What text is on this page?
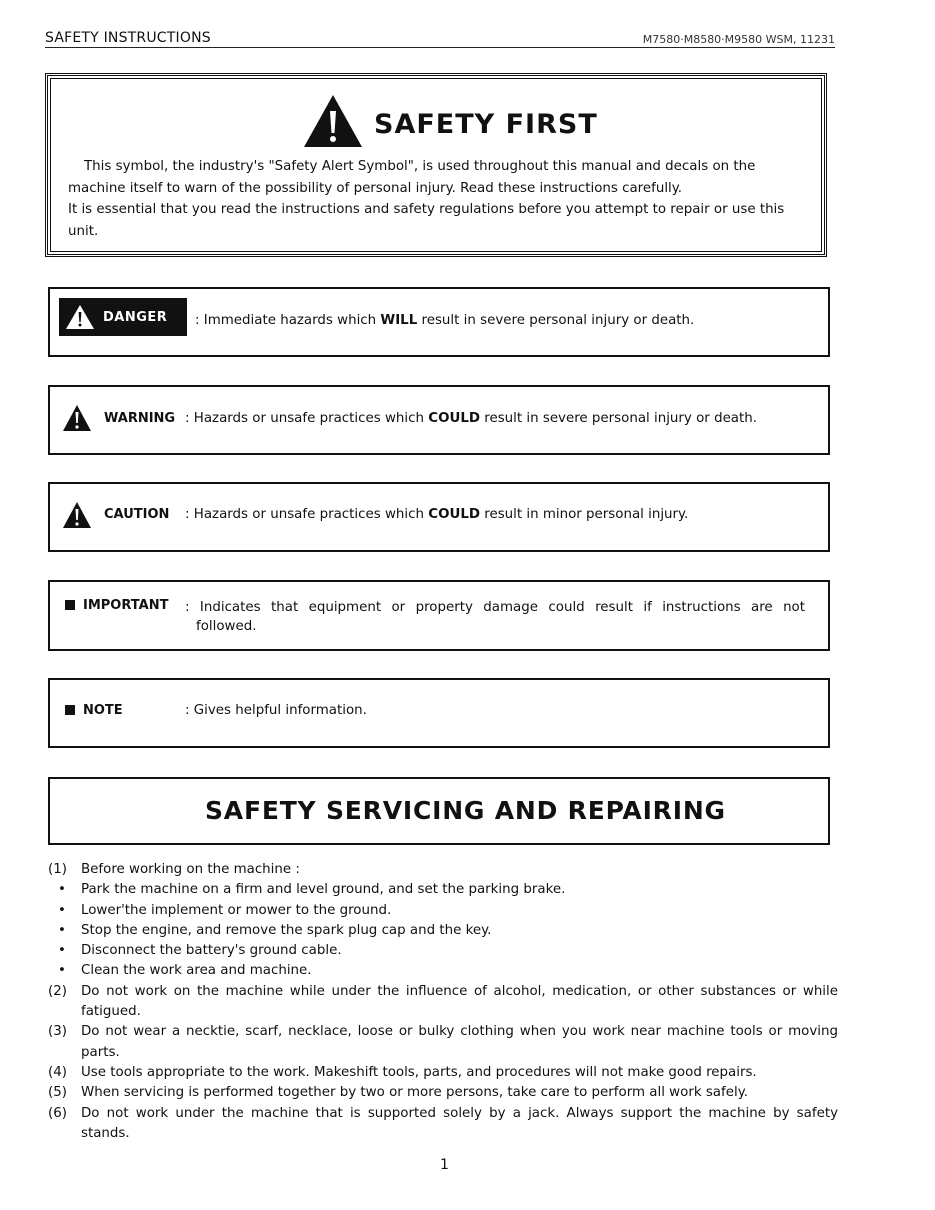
SAFETY INSTRUCTIONS	M7580·M8580·M9580 WSM, 11231
SAFETY FIRST
This symbol, the industry's "Safety Alert Symbol", is used throughout this manual and decals on the machine itself to warn of the possibility of personal injury. Read these instructions carefully.
It is essential that you read the instructions and safety regulations before you attempt to repair or use this unit.
DANGER : Immediate hazards which WILL result in severe personal injury or death.
WARNING : Hazards or unsafe practices which COULD result in severe personal injury or death.
CAUTION : Hazards or unsafe practices which COULD result in minor personal injury.
IMPORTANT : Indicates that equipment or property damage could result if instructions are not
followed.
NOTE	: Gives helpful information.
SAFETY SERVICING AND REPAIRING
(1) Before working on the machine :
• Park the machine on a firm and level ground, and set the parking brake.
• Lower'the implement or mower to the ground.
• Stop the engine, and remove the spark plug cap and the key.
• Disconnect the battery's ground cable.
• Clean the work area and machine.
(2) Do not work on the machine while under the influence of alcohol, medication, or other substances or while fatigued.
(3) Do not wear a necktie, scarf, necklace, loose or bulky clothing when you work near machine tools or moving parts.
(4) Use tools appropriate to the work. Makeshift tools, parts, and procedures will not make good repairs.
(5) When servicing is performed together by two or more persons, take care to perform all work safely.
(6) Do not work under the machine that is supported solely by a jack. Always support the machine by safety stands.
1
